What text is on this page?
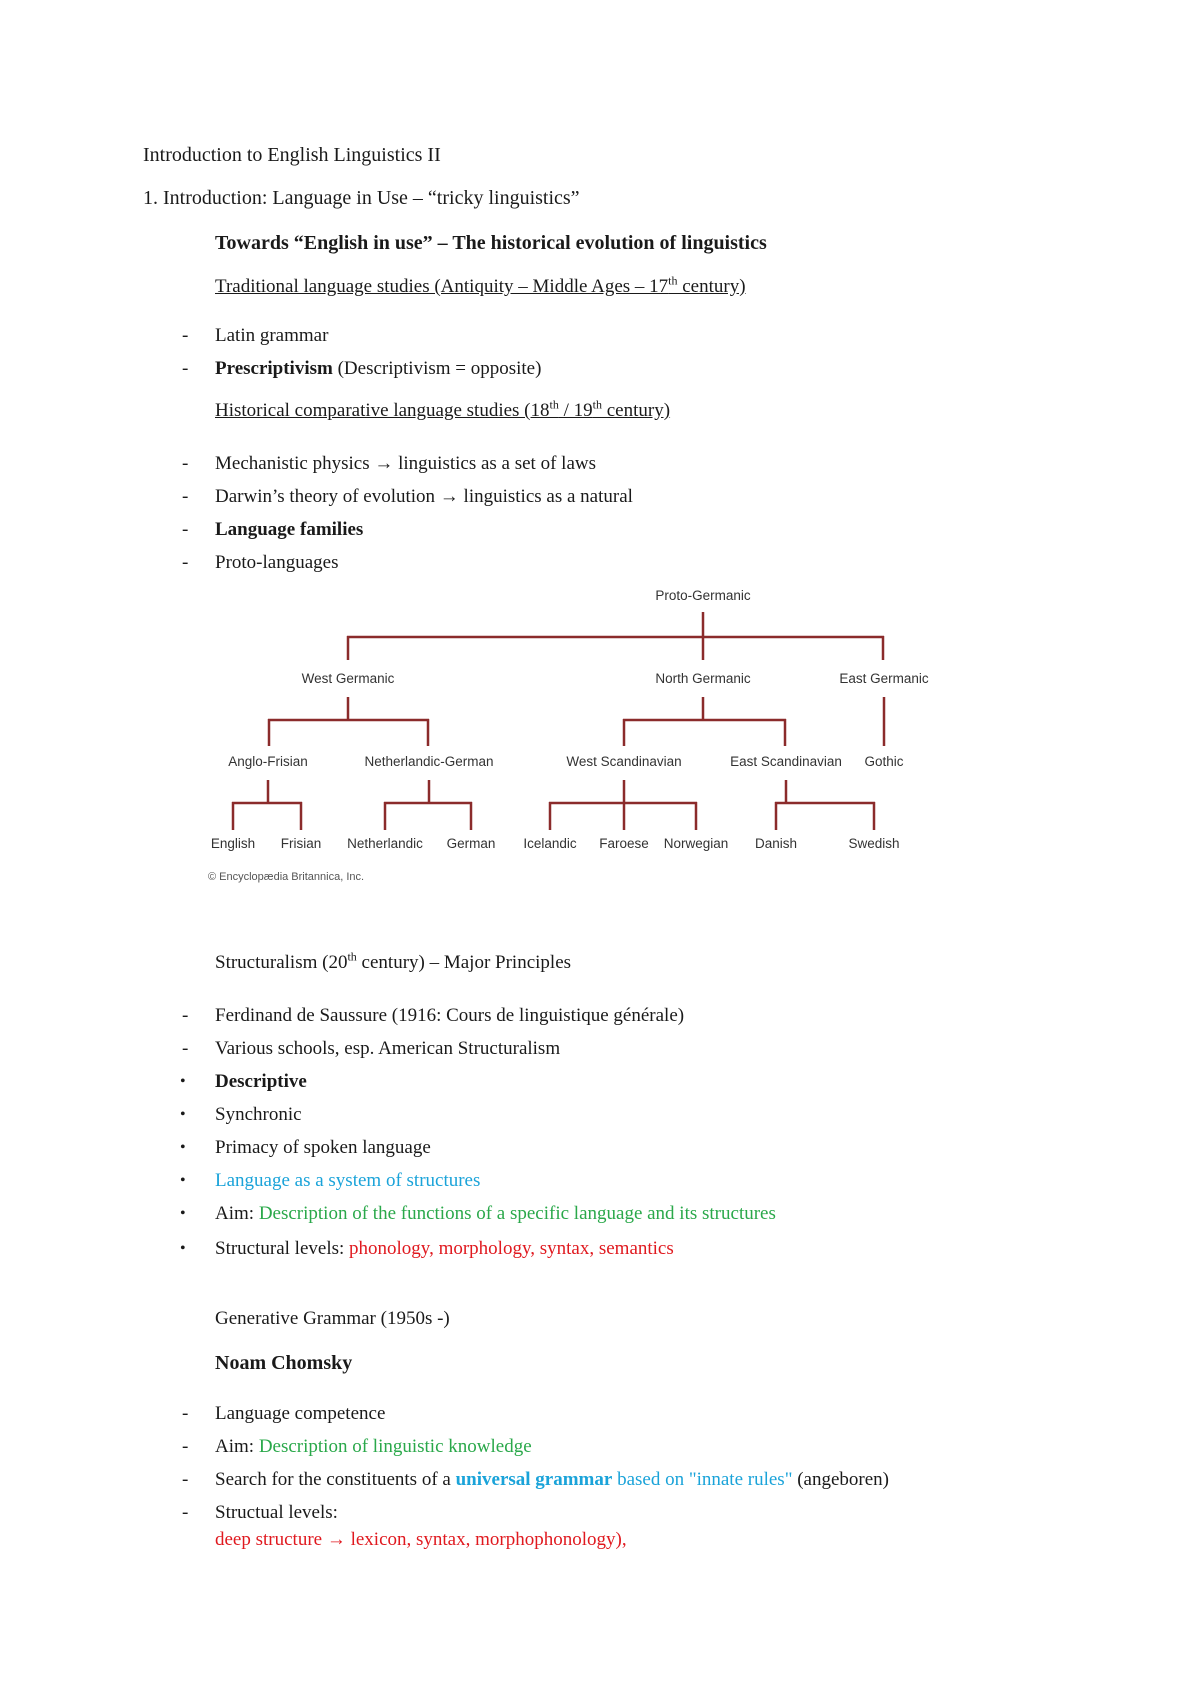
Introduction to English Linguistics II
1. Introduction: Language in Use – “tricky linguistics”
Towards “English in use” – The historical evolution of linguistics
Traditional language studies (Antiquity – Middle Ages – 17th century)
- Latin grammar
- Prescriptivism (Descriptivism = opposite)
Historical comparative language studies (18th / 19th century)
- Mechanistic physics → linguistics as a set of laws
- Darwin’s theory of evolution → linguistics as a natural
- Language families
- Proto-languages
Proto-Germanic
West Germanic	North Germanic	East Germanic
Anglo-Frisian	Netherlandic-German	West Scandinavian	East Scandinavian Gothic
English Frisian Netherlandic German Icelandic Faroese Norwegian Danish	Swedish
© Encyclopædia Britannica, Inc.
Structuralism (20th century) – Major Principles
- Ferdinand de Saussure (1916: Cours de linguistique générale)
- Various schools, esp. American Structuralism
• Descriptive
• Synchronic
• Primacy of spoken language
• Language as a system of structures
• Aim: Description of the functions of a specific language and its structures
• Structural levels: phonology, morphology, syntax, semantics
Generative Grammar (1950s -)
Noam Chomsky
- Language competence
- Aim: Description of linguistic knowledge
- Search for the constituents of a universal grammar based on "innate rules" (angeboren)
- Structual levels:
deep structure → lexicon, syntax, morphophonology),
